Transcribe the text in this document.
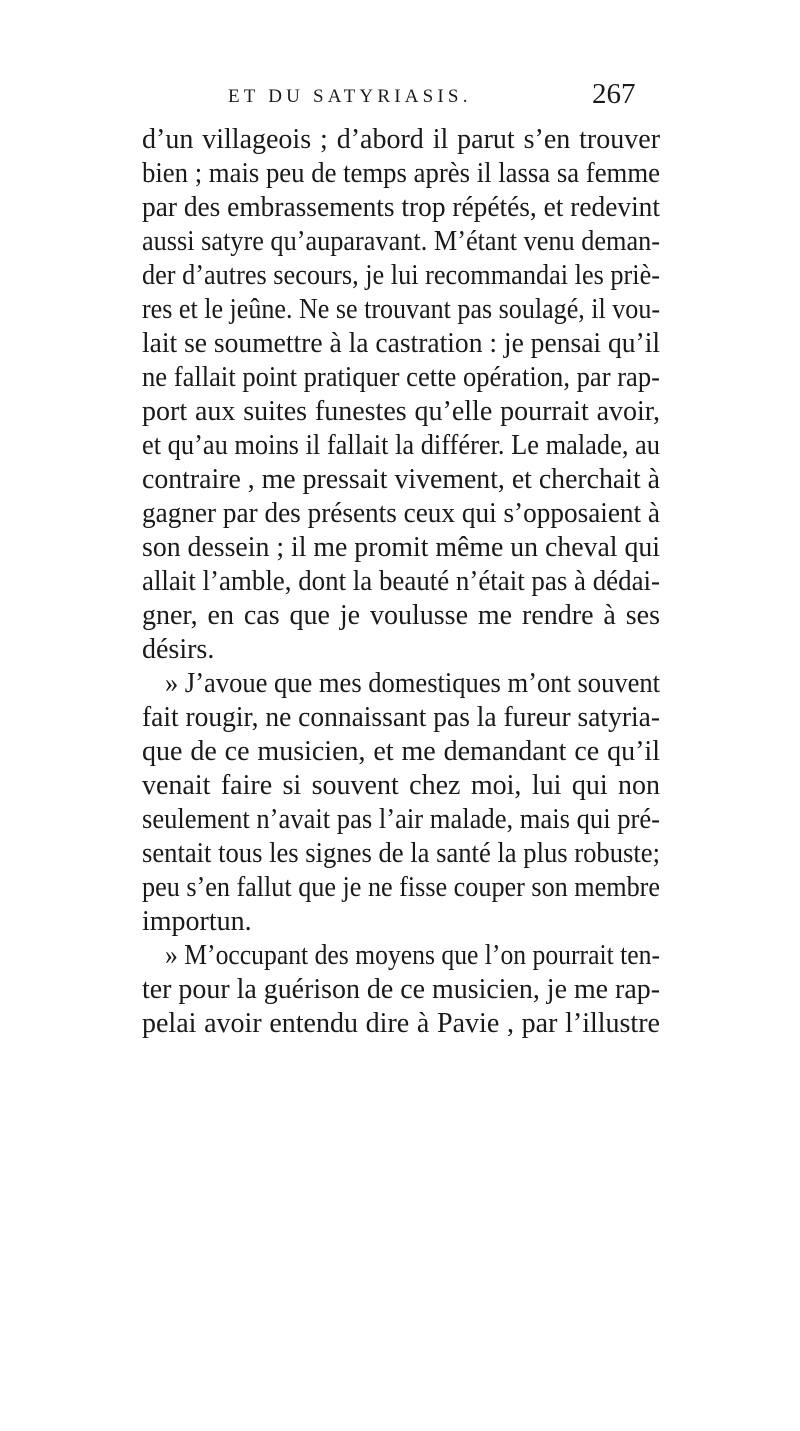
ET DU SATYRIASIS.	267
d’un villageois ; d’abord il parut s’en trouver
bien ; mais peu de temps après il lassa sa femme
par des embrassements trop répétés, et redevint
aussi satyre qu’auparavant. M’étant venu deman-
der d’autres secours, je lui recommandai les priè-
res et le jeûne. Ne se trouvant pas soulagé, il vou-
lait se soumettre à la castration : je pensai qu’il
ne fallait point pratiquer cette opération, par rap-
port aux suites funestes qu’elle pourrait avoir,
et qu’au moins il fallait la différer. Le malade, au
contraire , me pressait vivement, et cherchait à
gagner par des présents ceux qui s’opposaient à
son dessein ; il me promit même un cheval qui
allait l’amble, dont la beauté n’était pas à dédai-
gner, en cas que je voulusse me rendre à ses
désirs.
» J’avoue que mes domestiques m’ont souvent
fait rougir, ne connaissant pas la fureur satyria-
que de ce musicien, et me demandant ce qu’il
venait faire si souvent chez moi, lui qui non
seulement n’avait pas l’air malade, mais qui pré-
sentait tous les signes de la santé la plus robuste;
peu s’en fallut que je ne fisse couper son membre
importun.
» M’occupant des moyens que l’on pourrait ten-
ter pour la guérison de ce musicien, je me rap-
pelai avoir entendu dire à Pavie , par l’illustre
